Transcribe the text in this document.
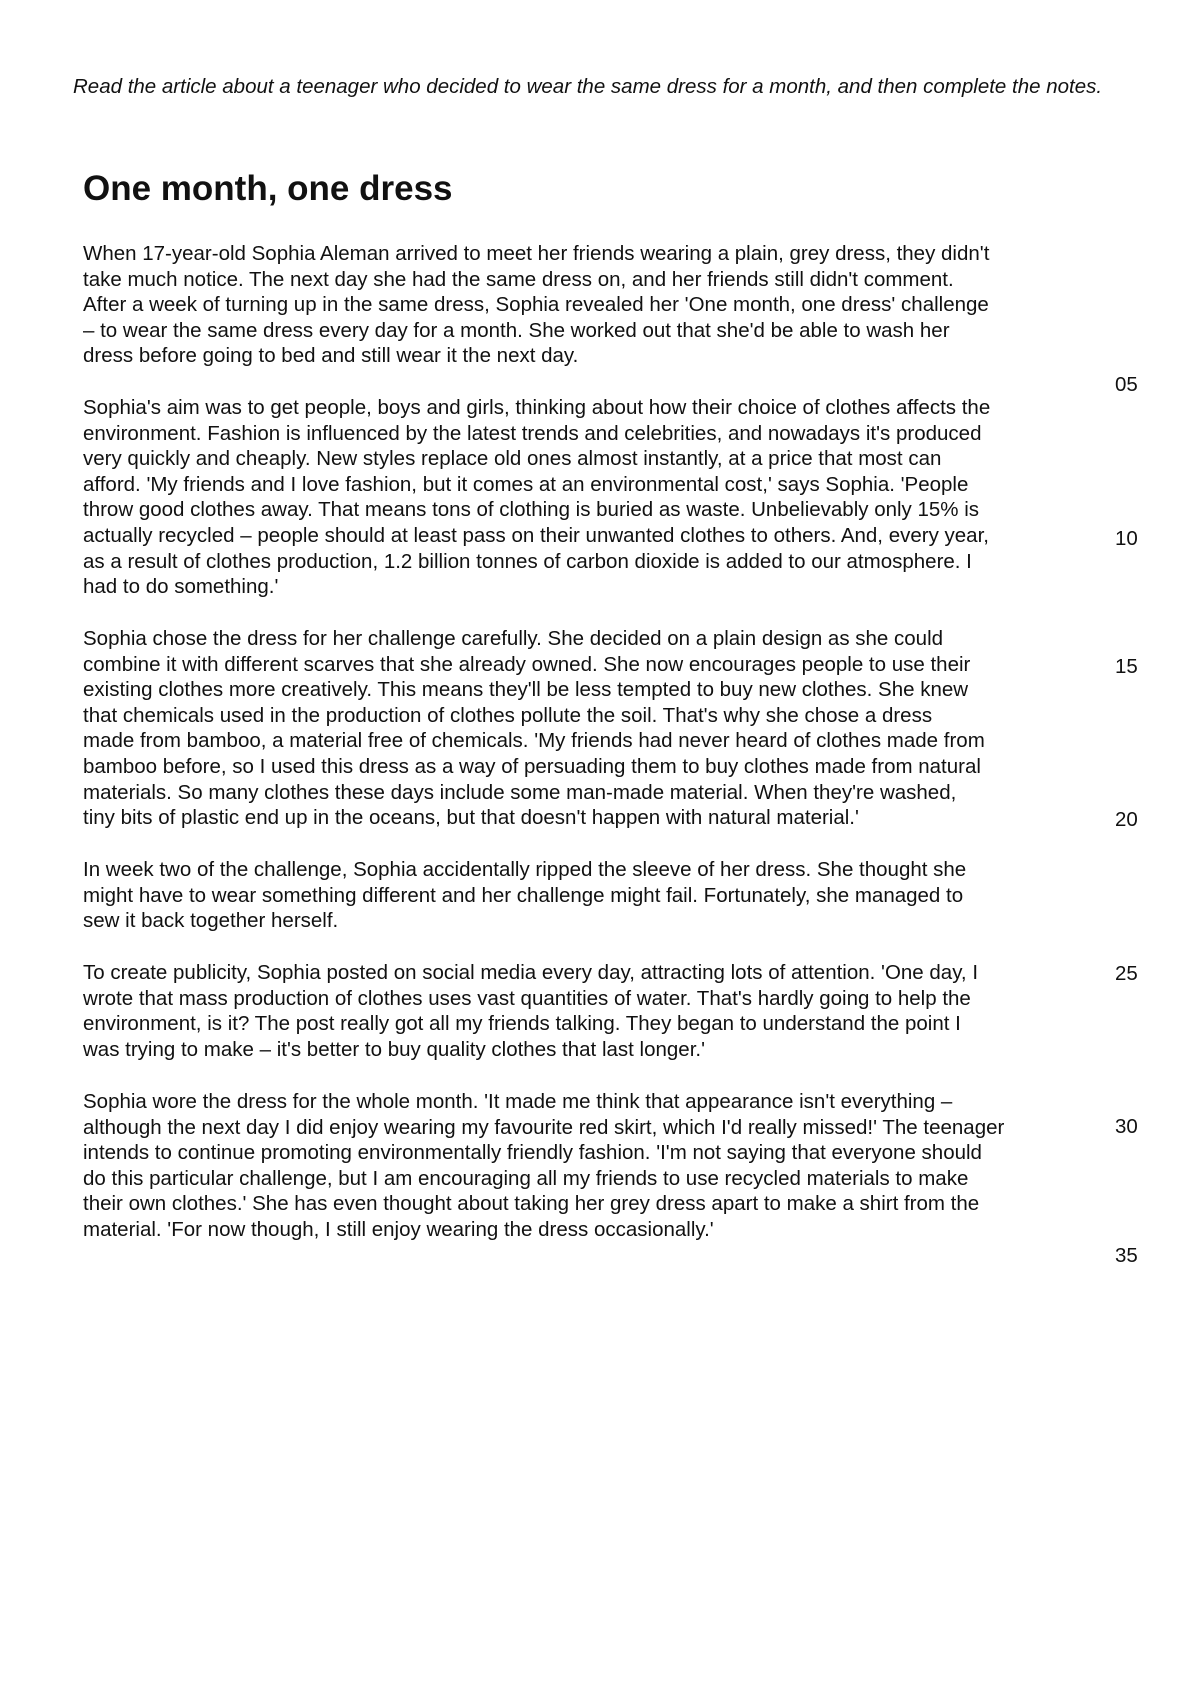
Read the article about a teenager who decided to wear the same dress for a month, and then complete the notes.

One month, one dress

When 17-year-old Sophia Aleman arrived to meet her friends wearing a plain, grey dress, they didn't
take much notice. The next day she had the same dress on, and her friends still didn't comment.
After a week of turning up in the same dress, Sophia revealed her 'One month, one dress' challenge
– to wear the same dress every day for a month. She worked out that she'd be able to wash her
dress before going to bed and still wear it the next day.

Sophia's aim was to get people, boys and girls, thinking about how their choice of clothes affects the
environment. Fashion is influenced by the latest trends and celebrities, and nowadays it's produced
very quickly and cheaply. New styles replace old ones almost instantly, at a price that most can
afford. 'My friends and I love fashion, but it comes at an environmental cost,' says Sophia. 'People
throw good clothes away. That means tons of clothing is buried as waste. Unbelievably only 15% is
actually recycled – people should at least pass on their unwanted clothes to others. And, every year,
as a result of clothes production, 1.2 billion tonnes of carbon dioxide is added to our atmosphere. I
had to do something.'

Sophia chose the dress for her challenge carefully. She decided on a plain design as she could
combine it with different scarves that she already owned. She now encourages people to use their
existing clothes more creatively. This means they'll be less tempted to buy new clothes. She knew
that chemicals used in the production of clothes pollute the soil. That's why she chose a dress
made from bamboo, a material free of chemicals. 'My friends had never heard of clothes made from
bamboo before, so I used this dress as a way of persuading them to buy clothes made from natural
materials. So many clothes these days include some man-made material. When they're washed,
tiny bits of plastic end up in the oceans, but that doesn't happen with natural material.'

In week two of the challenge, Sophia accidentally ripped the sleeve of her dress. She thought she
might have to wear something different and her challenge might fail. Fortunately, she managed to
sew it back together herself.

To create publicity, Sophia posted on social media every day, attracting lots of attention. 'One day, I
wrote that mass production of clothes uses vast quantities of water. That's hardly going to help the
environment, is it? The post really got all my friends talking. They began to understand the point I
was trying to make – it's better to buy quality clothes that last longer.'

Sophia wore the dress for the whole month. 'It made me think that appearance isn't everything –
although the next day I did enjoy wearing my favourite red skirt, which I'd really missed!' The teenager
intends to continue promoting environmentally friendly fashion. 'I'm not saying that everyone should
do this particular challenge, but I am encouraging all my friends to use recycled materials to make
their own clothes.' She has even thought about taking her grey dress apart to make a shirt from the
material. 'For now though, I still enjoy wearing the dress occasionally.'

05

10

15

20

25

30

35
